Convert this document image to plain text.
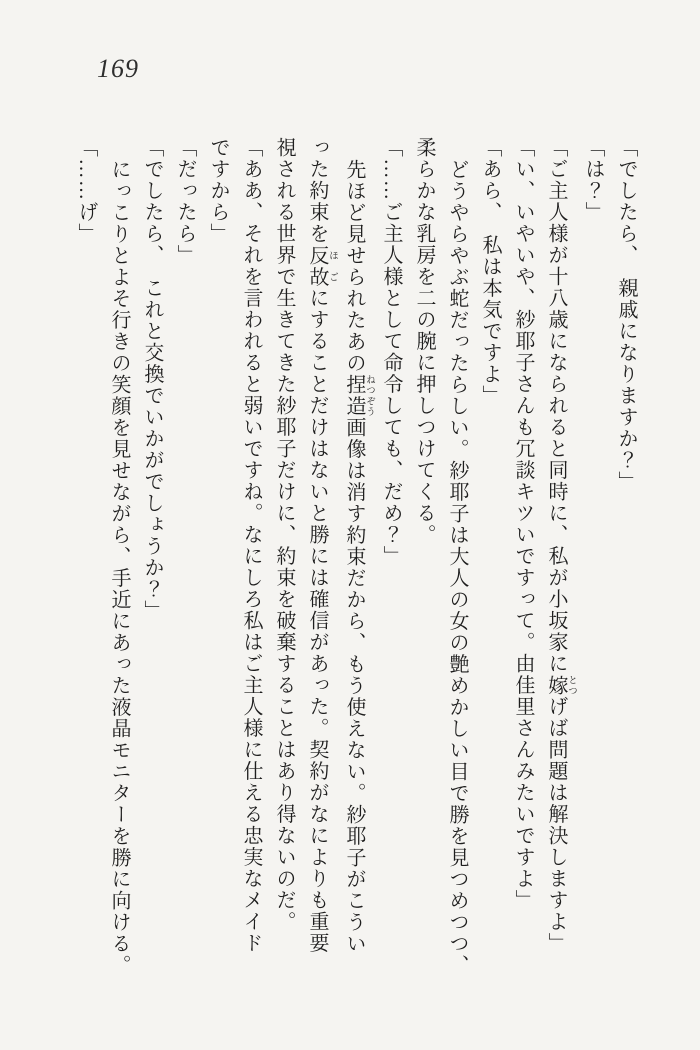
169

「でしたら、　親戚になりますか？」

「は？」

「ご主人様が十八歳になられると同時に、私が小坂家に嫁 とつげば問題は解決しますよ」

「い、いやいや、紗耶子さんも冗談キツいですって。由佳里さんみたいですよ」

「あら、　私は本気ですよ」

どうやらやぶ蛇だったらしい。紗耶子は大人の女の艶めかしい目で勝を見つめつつ、

柔らかな乳房を二の腕に押しつけてくる。

「……ご主人様として命令しても、だめ？」

先ほど見せられたあの捏造 ねつぞう画像は消す約束だから、もう使えない。紗耶子がこうい

った約束を反故 ほごにすることだけはないと勝には確信があった。契約がなによりも重要

視される世界で生きてきた紗耶子だけに、約束を破棄することはあり得ないのだ。

「ああ、それを言われると弱いですね。なにしろ私はご主人様に仕える忠実なメイド

ですから」

「だったら」

「でしたら、　これと交換でいかがでしょうか？」

にっこりとよそ行きの笑顔を見せながら、手近にあった液晶モニターを勝に向ける。

「……げ」
